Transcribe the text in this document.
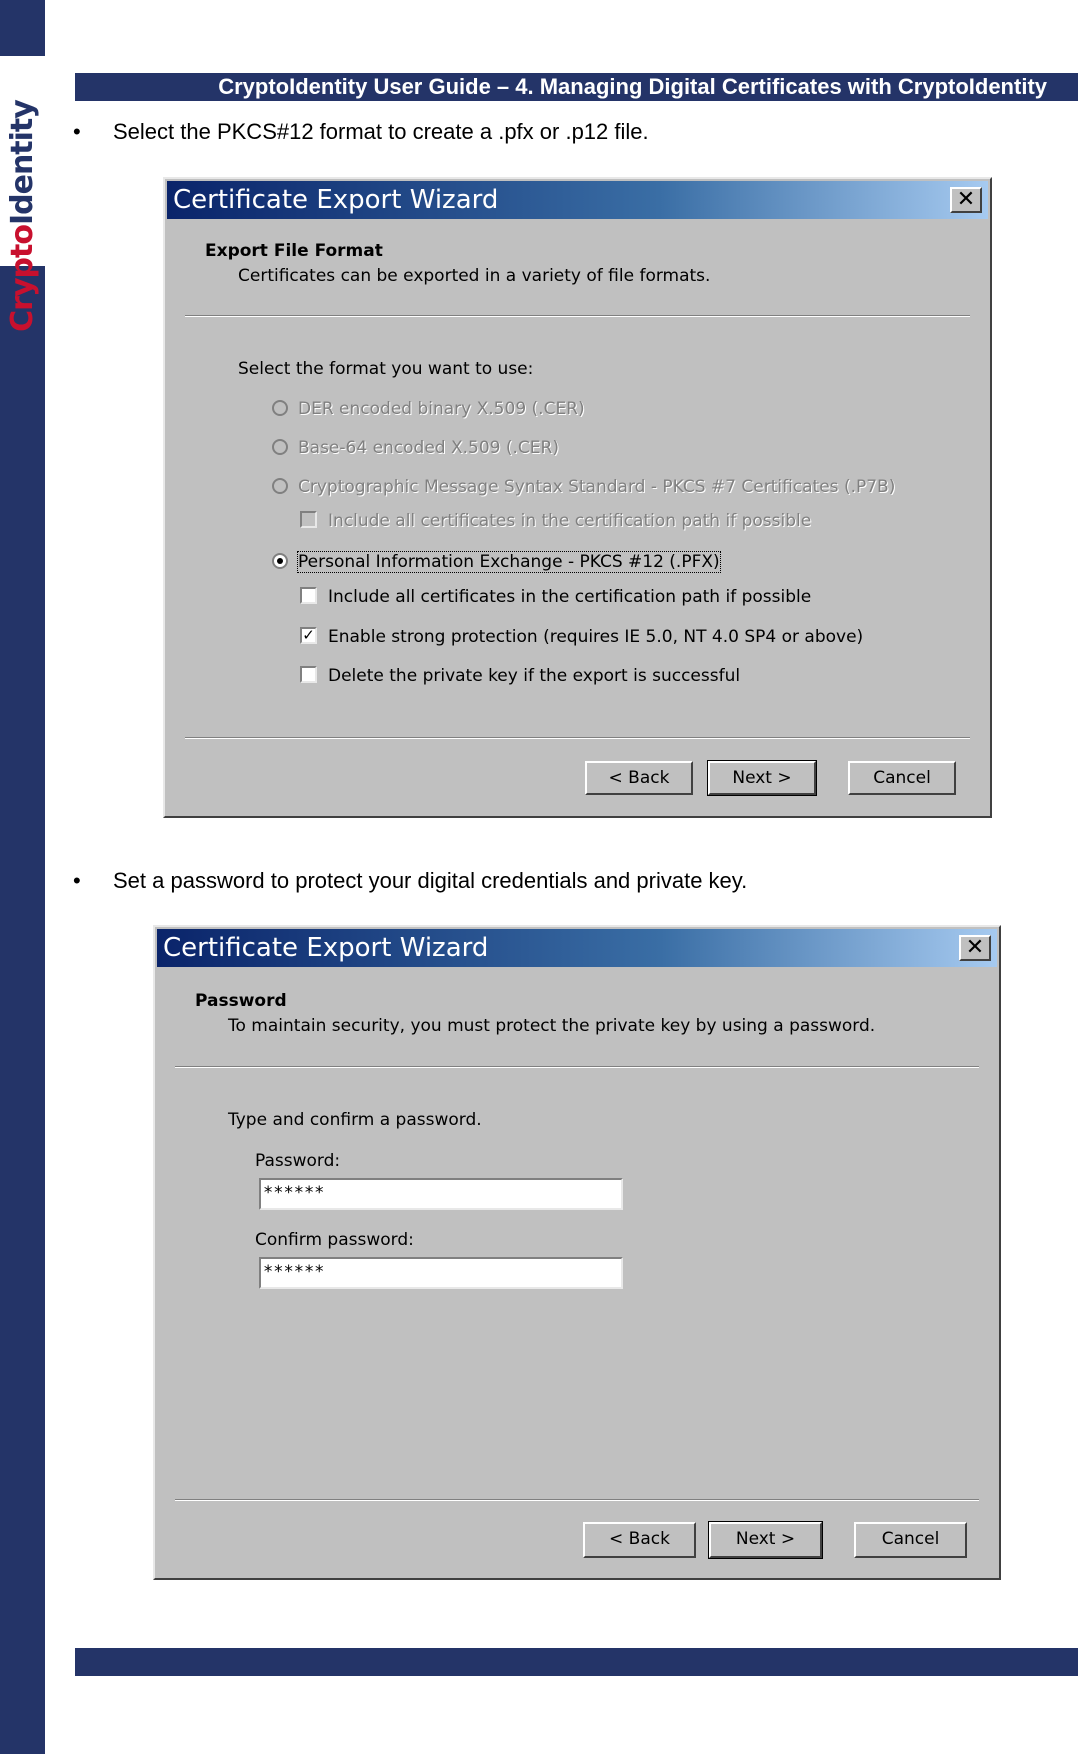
CryptoIdentity
CryptoIdentity User Guide – 4. Managing Digital Certificates with CryptoIdentity
• Select the PKCS#12 format to create a .pfx or .p12 file.
Certificate Export Wizard	✕
Export File Format
Certificates can be exported in a variety of file formats.
Select the format you want to use:
DER encoded binary X.509 (.CER)
Base-64 encoded X.509 (.CER)
Cryptographic Message Syntax Standard - PKCS #7 Certificates (.P7B)
Include all certificates in the certification path if possible
Personal Information Exchange - PKCS #12 (.PFX)
Include all certificates in the certification path if possible
✓ Enable strong protection (requires IE 5.0, NT 4.0 SP4 or above)
Delete the private key if the export is successful
< Back	Next >	Cancel
• Set a password to protect your digital credentials and private key.
Certificate Export Wizard	✕
Password
To maintain security, you must protect the private key by using a password.
Type and confirm a password.
Password:
******
Confirm password:
******
< Back	Next >	Cancel
